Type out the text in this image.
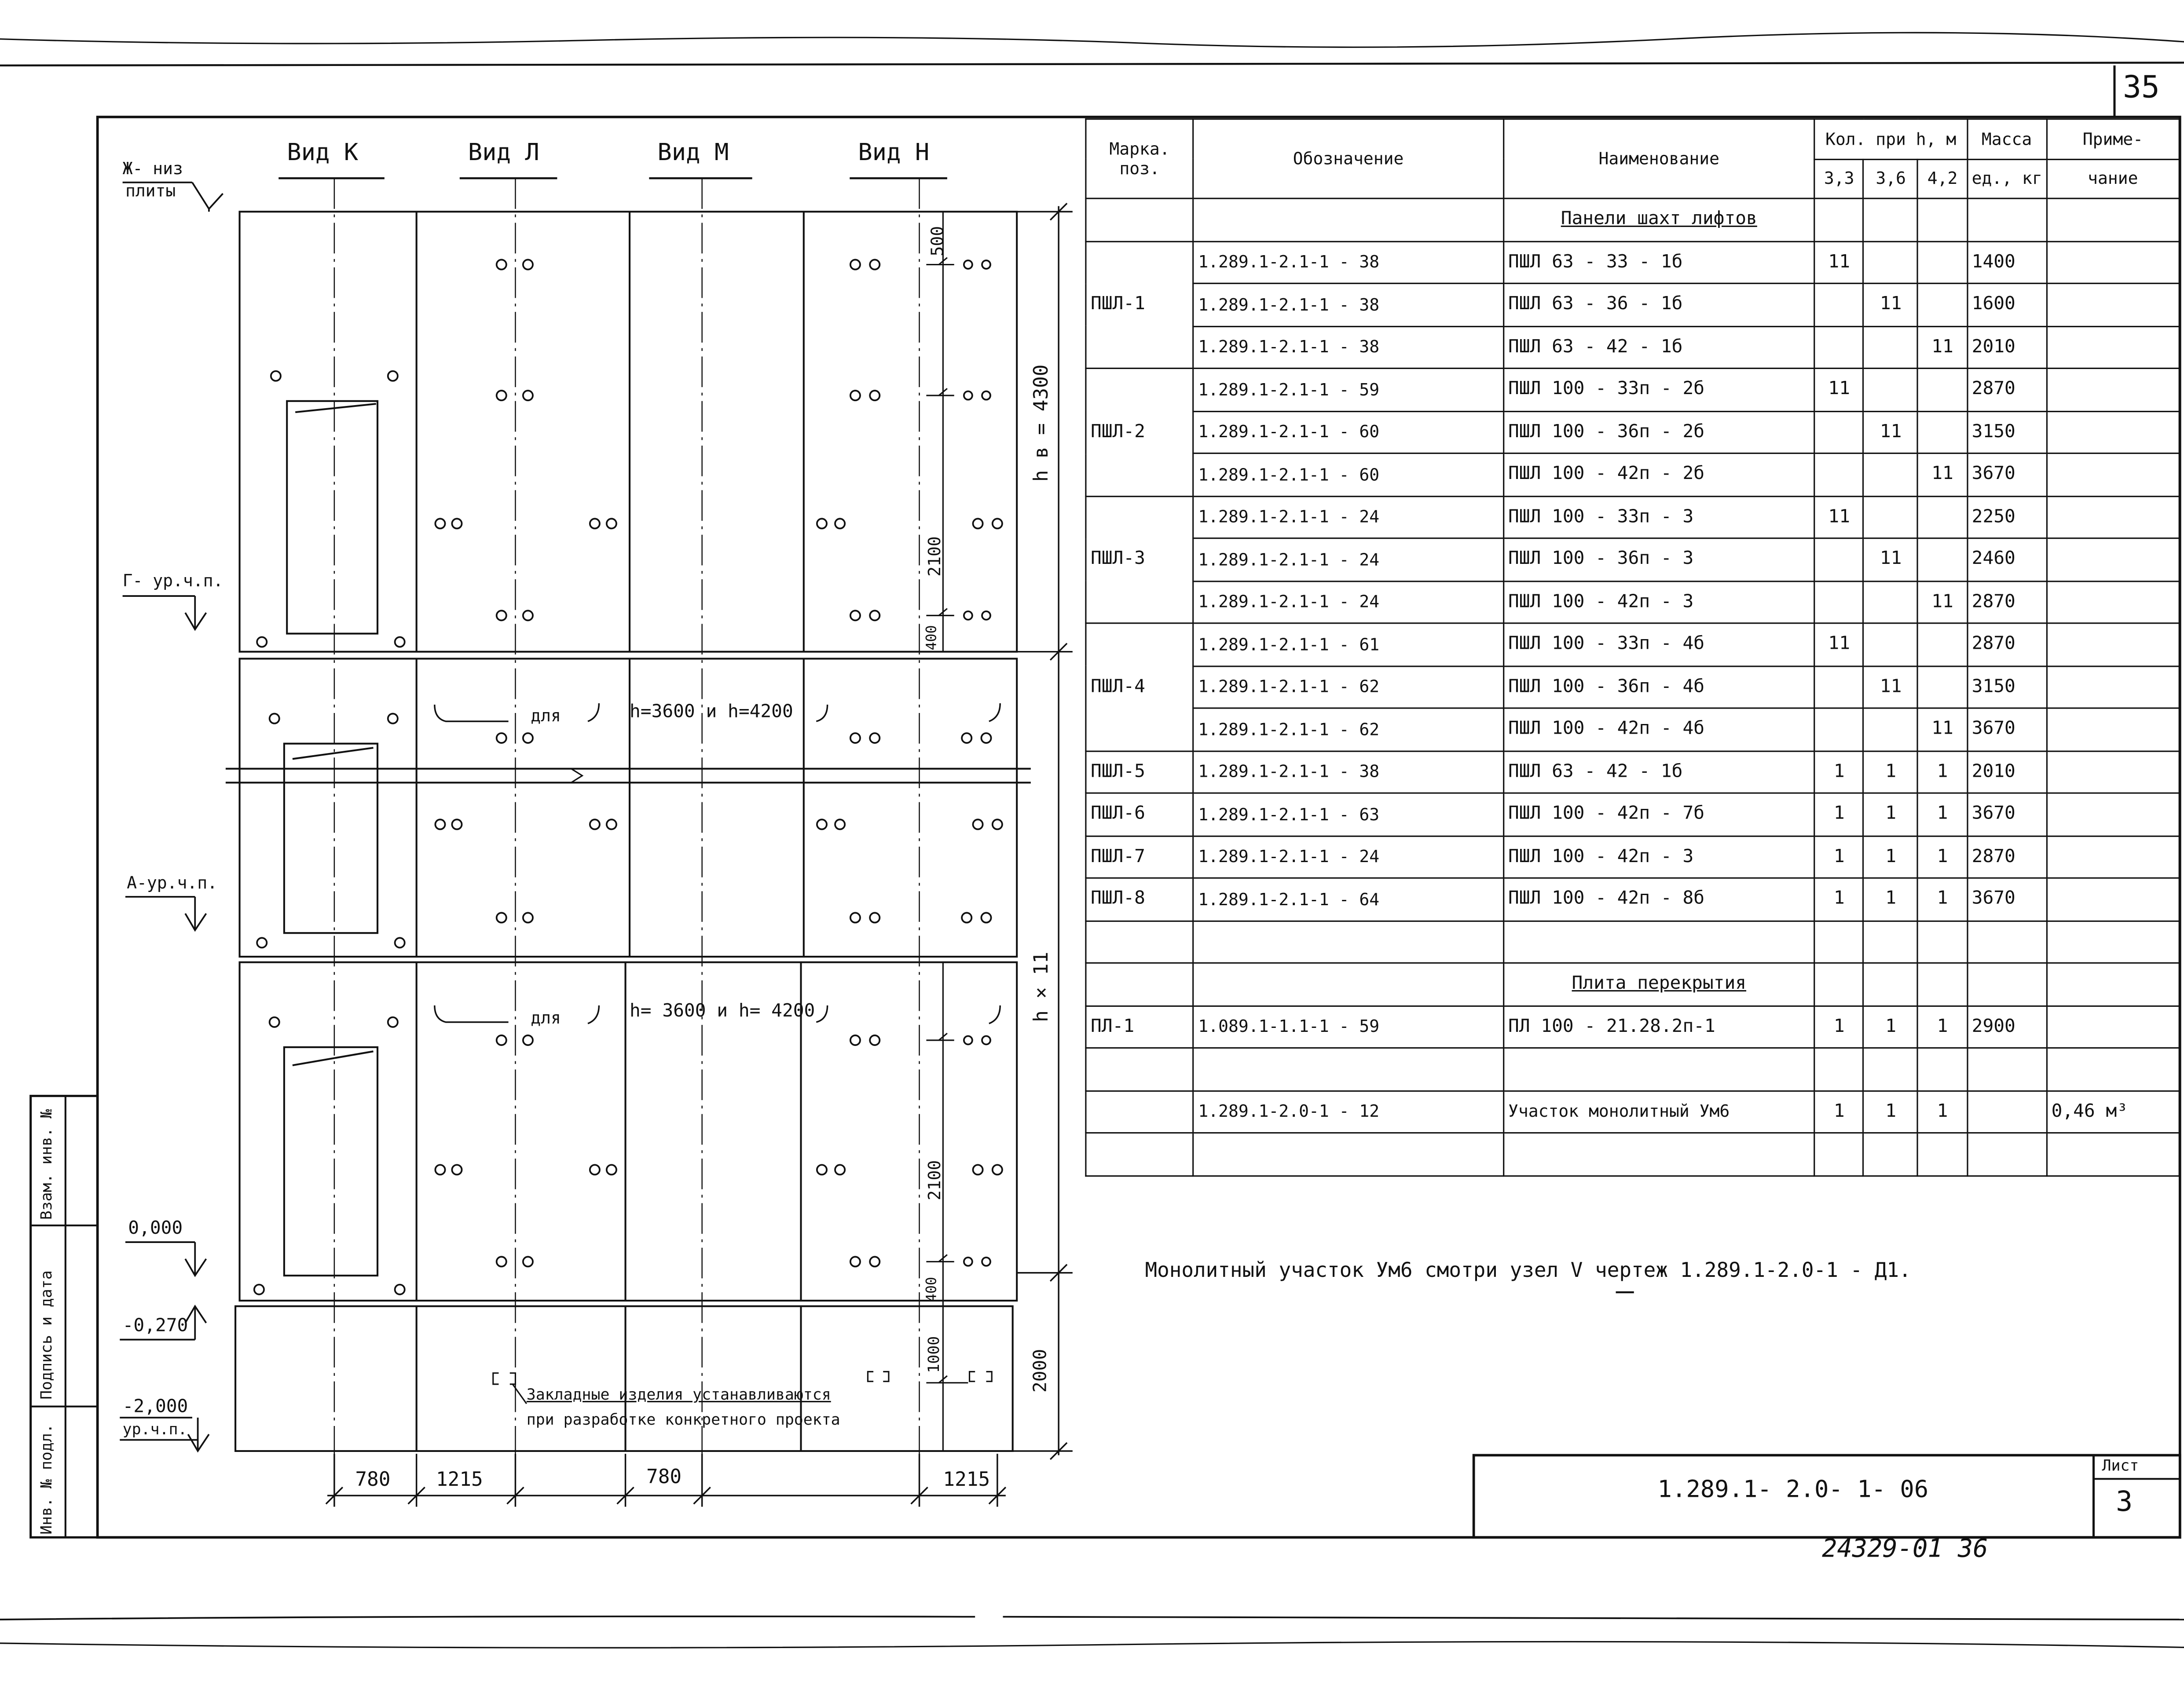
35
Вид К	Вид Л	Вид М	Вид Н
Ж- низ
плиты
Г- ур.ч.п.
А-ур.ч.п.
0,000
-0,270
-2,000
ур.ч.п.
500
2100
400
2100
400
1000
h в = 4300
h × 11
2000
780	1215	780	1215
для	h=3600 и h=4200
для	h= 3600 и h= 4200
Закладные изделия устанавливаются
при разработке конкретного проекта
Марка.
поз.	Обозначение	Наименование	Кол. при h, м			Масса	Приме-
			3,3	3,6	4,2	ед., кг	чание
		Панели шахт лифтов					
ПШЛ-1	1.289.1-2.1-1 - 38	ПШЛ 63 - 33 - 1б	11			1400	
	1.289.1-2.1-1 - 38	ПШЛ 63 - 36 - 1б		11		1600	
	1.289.1-2.1-1 - 38	ПШЛ 63 - 42 - 1б			11	2010	
ПШЛ-2	1.289.1-2.1-1 - 59	ПШЛ 100 - 33п - 2б	11			2870	
	1.289.1-2.1-1 - 60	ПШЛ 100 - 36п - 2б		11		3150	
	1.289.1-2.1-1 - 60	ПШЛ 100 - 42п - 2б			11	3670	
ПШЛ-3	1.289.1-2.1-1 - 24	ПШЛ 100 - 33п - 3	11			2250	
	1.289.1-2.1-1 - 24	ПШЛ 100 - 36п - 3		11		2460	
	1.289.1-2.1-1 - 24	ПШЛ 100 - 42п - 3			11	2870	
ПШЛ-4	1.289.1-2.1-1 - 61	ПШЛ 100 - 33п - 4б	11			2870	
	1.289.1-2.1-1 - 62	ПШЛ 100 - 36п - 4б		11		3150	
	1.289.1-2.1-1 - 62	ПШЛ 100 - 42п - 4б			11	3670	
ПШЛ-5	1.289.1-2.1-1 - 38	ПШЛ 63 - 42 - 1б	1	1	1	2010	
ПШЛ-6	1.289.1-2.1-1 - 63	ПШЛ 100 - 42п - 7б	1	1	1	3670	
ПШЛ-7	1.289.1-2.1-1 - 24	ПШЛ 100 - 42п - 3	1	1	1	2870	
ПШЛ-8	1.289.1-2.1-1 - 64	ПШЛ 100 - 42п - 8б	1	1	1	3670	

		Плита перекрытия					
ПЛ-1	1.089.1-1.1-1 - 59	ПЛ 100 - 21.28.2п-1	1	1	1	2900	

	1.289.1-2.0-1 - 12	Участок монолитный Ум6	1	1	1		0,46 м³

Монолитный участок Ум6 смотри узел V чертеж 1.289.1-2.0-1 - Д1.
1.289.1- 2.0- 1- 06
Лист
3
Инв. № подл.
Подпись и дата
Взам. инв. №
24329-01 36
